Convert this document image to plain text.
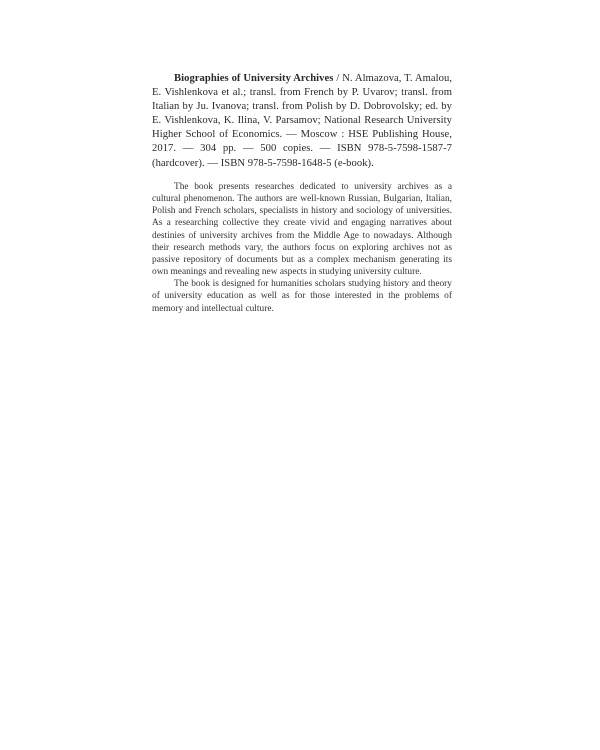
Biographies of University Archives / N. Almazova, T. Amalou, E. Vishlenkova et al.; transl. from French by P. Uvarov; transl. from Italian by Ju. Ivanova; transl. from Polish by D. Dobrovolsky; ed. by E. Vishlenkova, K. Ilina, V. Parsamov; National Research University Higher School of Economics. — Moscow : HSE Publishing House, 2017. — 304 pp. — 500 copies. — ISBN 978-5-7598-1587-7 (hardcover). — ISBN 978-5-7598-1648-5 (e-book).

The book presents researches dedicated to university archives as a cultural phenomenon. The authors are well-known Russian, Bulgarian, Italian, Polish and French scholars, specialists in history and sociology of universities. As a researching collective they create vivid and engaging narratives about destinies of university archives from the Middle Age to nowadays. Although their research methods vary, the authors focus on exploring archives not as passive repository of documents but as a complex mechanism generating its own meanings and revealing new aspects in studying university culture.

The book is designed for humanities scholars studying history and theory of university education as well as for those interested in the problems of memory and intellectual culture.
